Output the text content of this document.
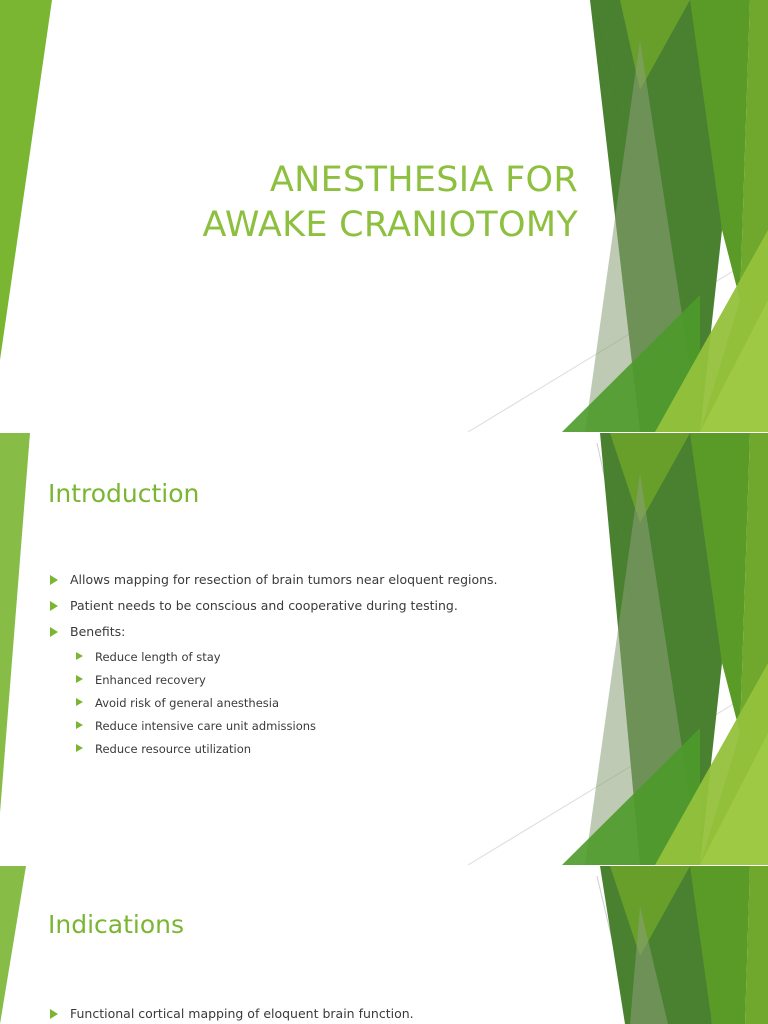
ANESTHESIA FOR
AWAKE CRANIOTOMY
Introduction
Allows mapping for resection of brain tumors near eloquent regions.
Patient needs to be conscious and cooperative during testing.
Benefits:
Reduce length of stay
Enhanced recovery
Avoid risk of general anesthesia
Reduce intensive care unit admissions
Reduce resource utilization
Indications
Functional cortical mapping of eloquent brain function.
